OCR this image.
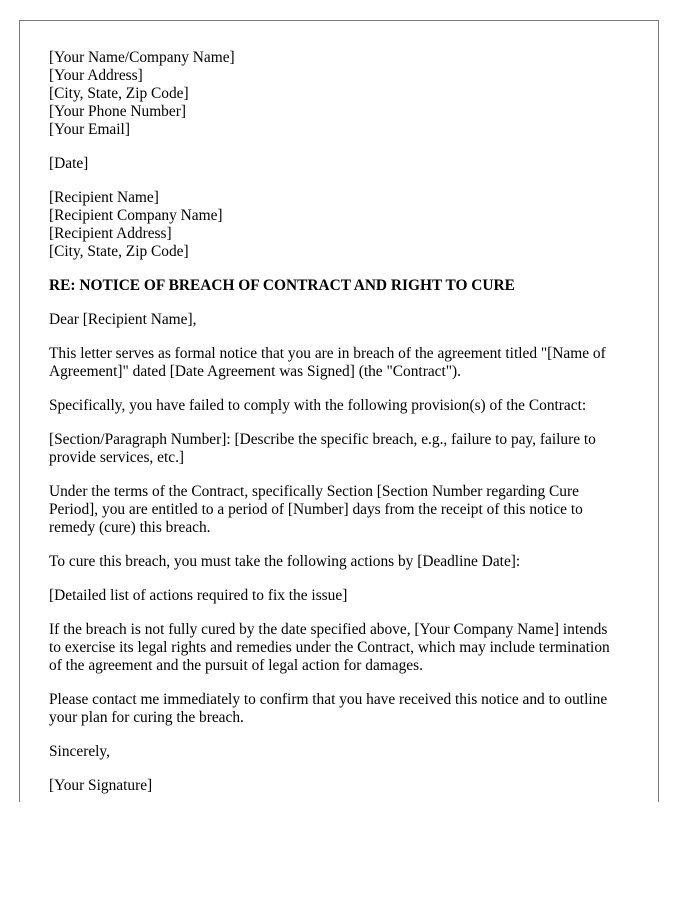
[Your Name/Company Name]
[Your Address]
[City, State, Zip Code]
[Your Phone Number]
[Your Email]
[Date]
[Recipient Name]
[Recipient Company Name]
[Recipient Address]
[City, State, Zip Code]
RE: NOTICE OF BREACH OF CONTRACT AND RIGHT TO CURE
Dear [Recipient Name],
This letter serves as formal notice that you are in breach of the agreement titled "[Name of
Agreement]" dated [Date Agreement was Signed] (the "Contract").
Specifically, you have failed to comply with the following provision(s) of the Contract:
[Section/Paragraph Number]: [Describe the specific breach, e.g., failure to pay, failure to
provide services, etc.]
Under the terms of the Contract, specifically Section [Section Number regarding Cure
Period], you are entitled to a period of [Number] days from the receipt of this notice to
remedy (cure) this breach.
To cure this breach, you must take the following actions by [Deadline Date]:
[Detailed list of actions required to fix the issue]
If the breach is not fully cured by the date specified above, [Your Company Name] intends
to exercise its legal rights and remedies under the Contract, which may include termination
of the agreement and the pursuit of legal action for damages.
Please contact me immediately to confirm that you have received this notice and to outline
your plan for curing the breach.
Sincerely,
[Your Signature]
